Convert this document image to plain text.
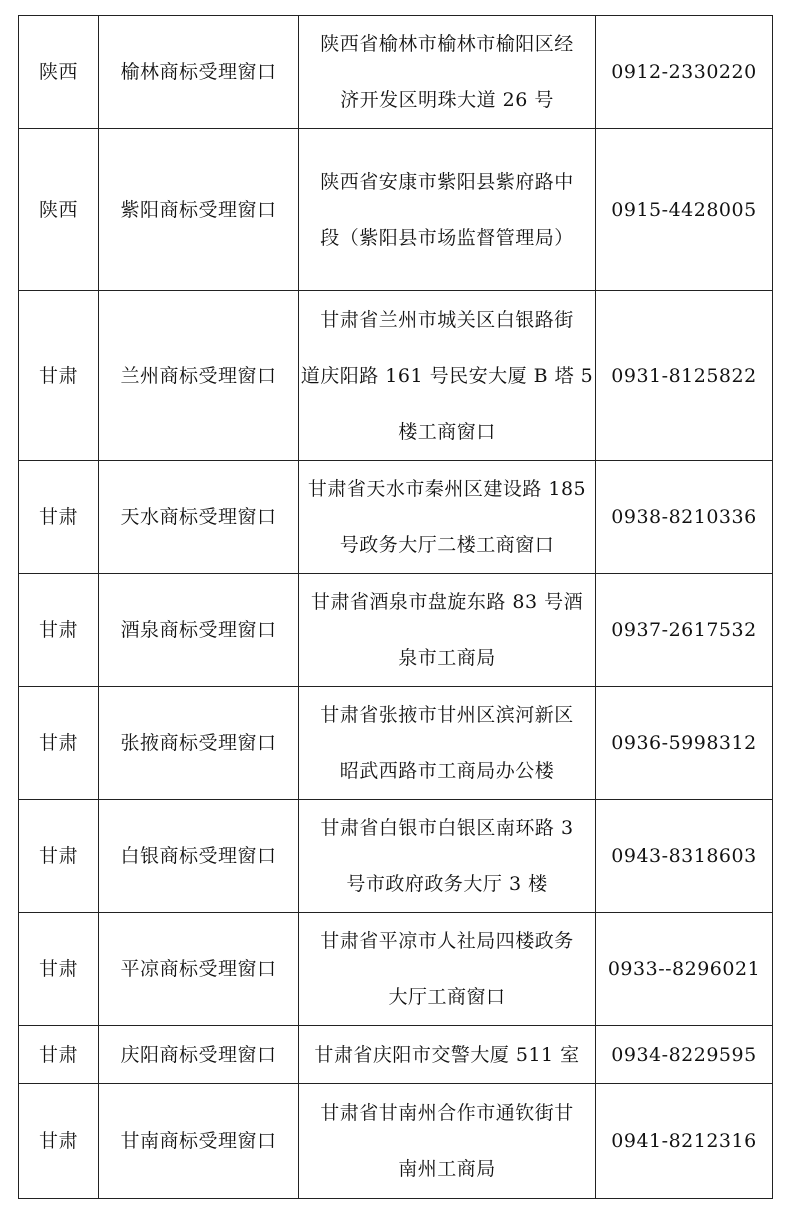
陕西	榆林商标受理窗口	陕西省榆林市榆林市榆阳区经
济开发区明珠大道 26 号	0912-2330220
陕西	紫阳商标受理窗口	陕西省安康市紫阳县紫府路中
段（紫阳县市场监督管理局）	0915-4428005
甘肃	兰州商标受理窗口	甘肃省兰州市城关区白银路街
道庆阳路 161 号民安大厦 B 塔 5
楼工商窗口	0931-8125822
甘肃	天水商标受理窗口	甘肃省天水市秦州区建设路 185
号政务大厅二楼工商窗口	0938-8210336
甘肃	酒泉商标受理窗口	甘肃省酒泉市盘旋东路 83 号酒
泉市工商局	0937-2617532
甘肃	张掖商标受理窗口	甘肃省张掖市甘州区滨河新区
昭武西路市工商局办公楼	0936-5998312
甘肃	白银商标受理窗口	甘肃省白银市白银区南环路 3
号市政府政务大厅 3 楼	0943-8318603
甘肃	平凉商标受理窗口	甘肃省平凉市人社局四楼政务
大厅工商窗口	0933--8296021
甘肃	庆阳商标受理窗口	甘肃省庆阳市交警大厦 511 室	0934-8229595
甘肃	甘南商标受理窗口	甘肃省甘南州合作市通钦街甘
南州工商局	0941-8212316
